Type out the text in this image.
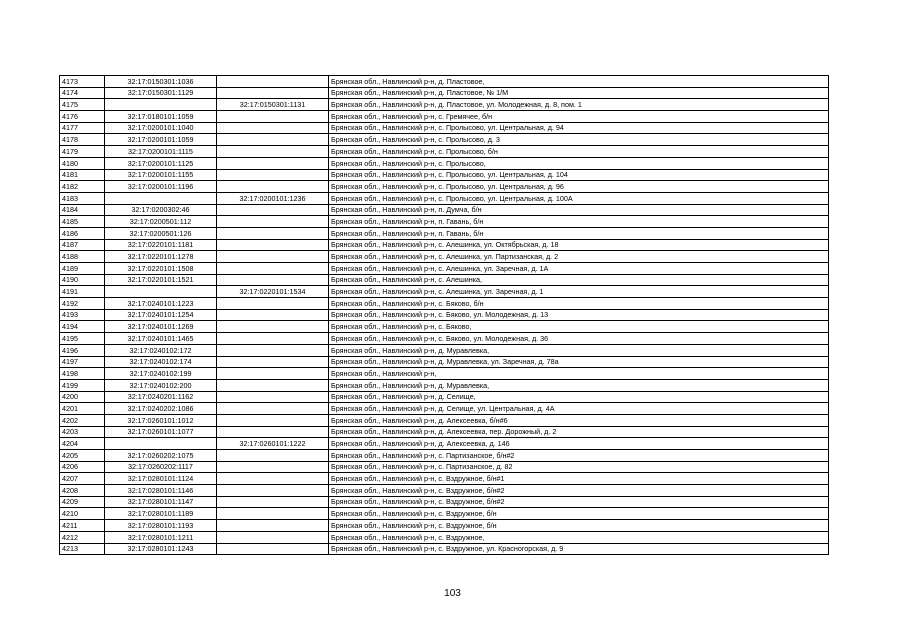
4173	32:17:0150301:1036		Брянская обл., Навлинский р-н, д. Пластовое,
4174	32:17:0150301:1129		Брянская обл., Навлинский р-н, д. Пластовое, № 1/М
4175		32:17:0150301:1131	Брянская обл., Навлинский р-н, д. Пластовое, ул. Молодежная, д. 8, пом. 1
4176	32:17:0180101:1059		Брянская обл., Навлинский р-н, с. Гремячее, б/н
4177	32:17:0200101:1040		Брянская обл., Навлинский р-н, с. Пролысово, ул. Центральная, д. 94
4178	32:17:0200101:1059		Брянская обл., Навлинский р-н, с. Пролысово, д. 3
4179	32:17:0200101:1115		Брянская обл., Навлинский р-н, с. Пролысово, б/н
4180	32:17:0200101:1125		Брянская обл., Навлинский р-н, с. Пролысово,
4181	32:17:0200101:1155		Брянская обл., Навлинский р-н, с. Пролысово, ул. Центральная, д. 104
4182	32:17:0200101:1196		Брянская обл., Навлинский р-н, с. Пролысово, ул. Центральная, д. 96
4183		32:17:0200101:1236	Брянская обл., Навлинский р-н, с. Пролысово, ул. Центральная, д. 100А
4184	32:17:0200302:46		Брянская обл., Навлинский р-н, п. Думча, б/н
4185	32:17:0200501:112		Брянская обл., Навлинский р-н, п. Гавань, б/н
4186	32:17:0200501:126		Брянская обл., Навлинский р-н, п. Гавань, б/н
4187	32:17:0220101:1181		Брянская обл., Навлинский р-н, с. Алешинка, ул. Октябрьская, д. 18
4188	32:17:0220101:1278		Брянская обл., Навлинский р-н, с. Алешинка, ул. Партизанская, д. 2
4189	32:17:0220101:1508		Брянская обл., Навлинский р-н, с. Алешинка, ул. Заречная, д. 1А
4190	32:17:0220101:1521		Брянская обл., Навлинский р-н, с. Алешинка,
4191		32:17:0220101:1534	Брянская обл., Навлинский р-н, с. Алешинка, ул. Заречная, д. 1
4192	32:17:0240101:1223		Брянская обл., Навлинский р-н, с. Бяково, б/н
4193	32:17:0240101:1254		Брянская обл., Навлинский р-н, с. Бяково, ул. Молодежная, д. 13
4194	32:17:0240101:1269		Брянская обл., Навлинский р-н, с. Бяково,
4195	32:17:0240101:1465		Брянская обл., Навлинский р-н, с. Бяково, ул. Молодежная, д. 36
4196	32:17:0240102:172		Брянская обл., Навлинский р-н, д. Муравлевка,
4197	32:17:0240102:174		Брянская обл., Навлинский р-н, д. Муравлевка, ул. Заречная, д. 78а
4198	32:17:0240102:199		Брянская обл., Навлинский р-н,
4199	32:17:0240102:200		Брянская обл., Навлинский р-н, д. Муравлевка,
4200	32:17:0240201:1162		Брянская обл., Навлинский р-н, д. Селище,
4201	32:17:0240202:1086		Брянская обл., Навлинский р-н, д. Селище, ул. Центральная, д. 4А
4202	32:17:0260101:1012		Брянская обл., Навлинский р-н, д. Алексеевка, б/н#6
4203	32:17:0260101:1077		Брянская обл., Навлинский р-н, д. Алексеевка, пер. Дорожный, д. 2
4204		32:17:0260101:1222	Брянская обл., Навлинский р-н, д. Алексеевка, д. 146
4205	32:17:0260202:1075		Брянская обл., Навлинский р-н, с. Партизанское, б/н#2
4206	32:17:0260202:1117		Брянская обл., Навлинский р-н, с. Партизанское, д. 82
4207	32:17:0280101:1124		Брянская обл., Навлинский р-н, с. Вздружное, б/н#1
4208	32:17:0280101:1146		Брянская обл., Навлинский р-н, с. Вздружное, б/н#2
4209	32:17:0280101:1147		Брянская обл., Навлинский р-н, с. Вздружное, б/н#2
4210	32:17:0280101:1189		Брянская обл., Навлинский р-н, с. Вздружное, б/н
4211	32:17:0280101:1193		Брянская обл., Навлинский р-н, с. Вздружное, б/н
4212	32:17:0280101:1211		Брянская обл., Навлинский р-н, с. Вздружное,
4213	32:17:0280101:1243		Брянская обл., Навлинский р-н, с. Вздружное, ул. Красногорская, д. 9
103
